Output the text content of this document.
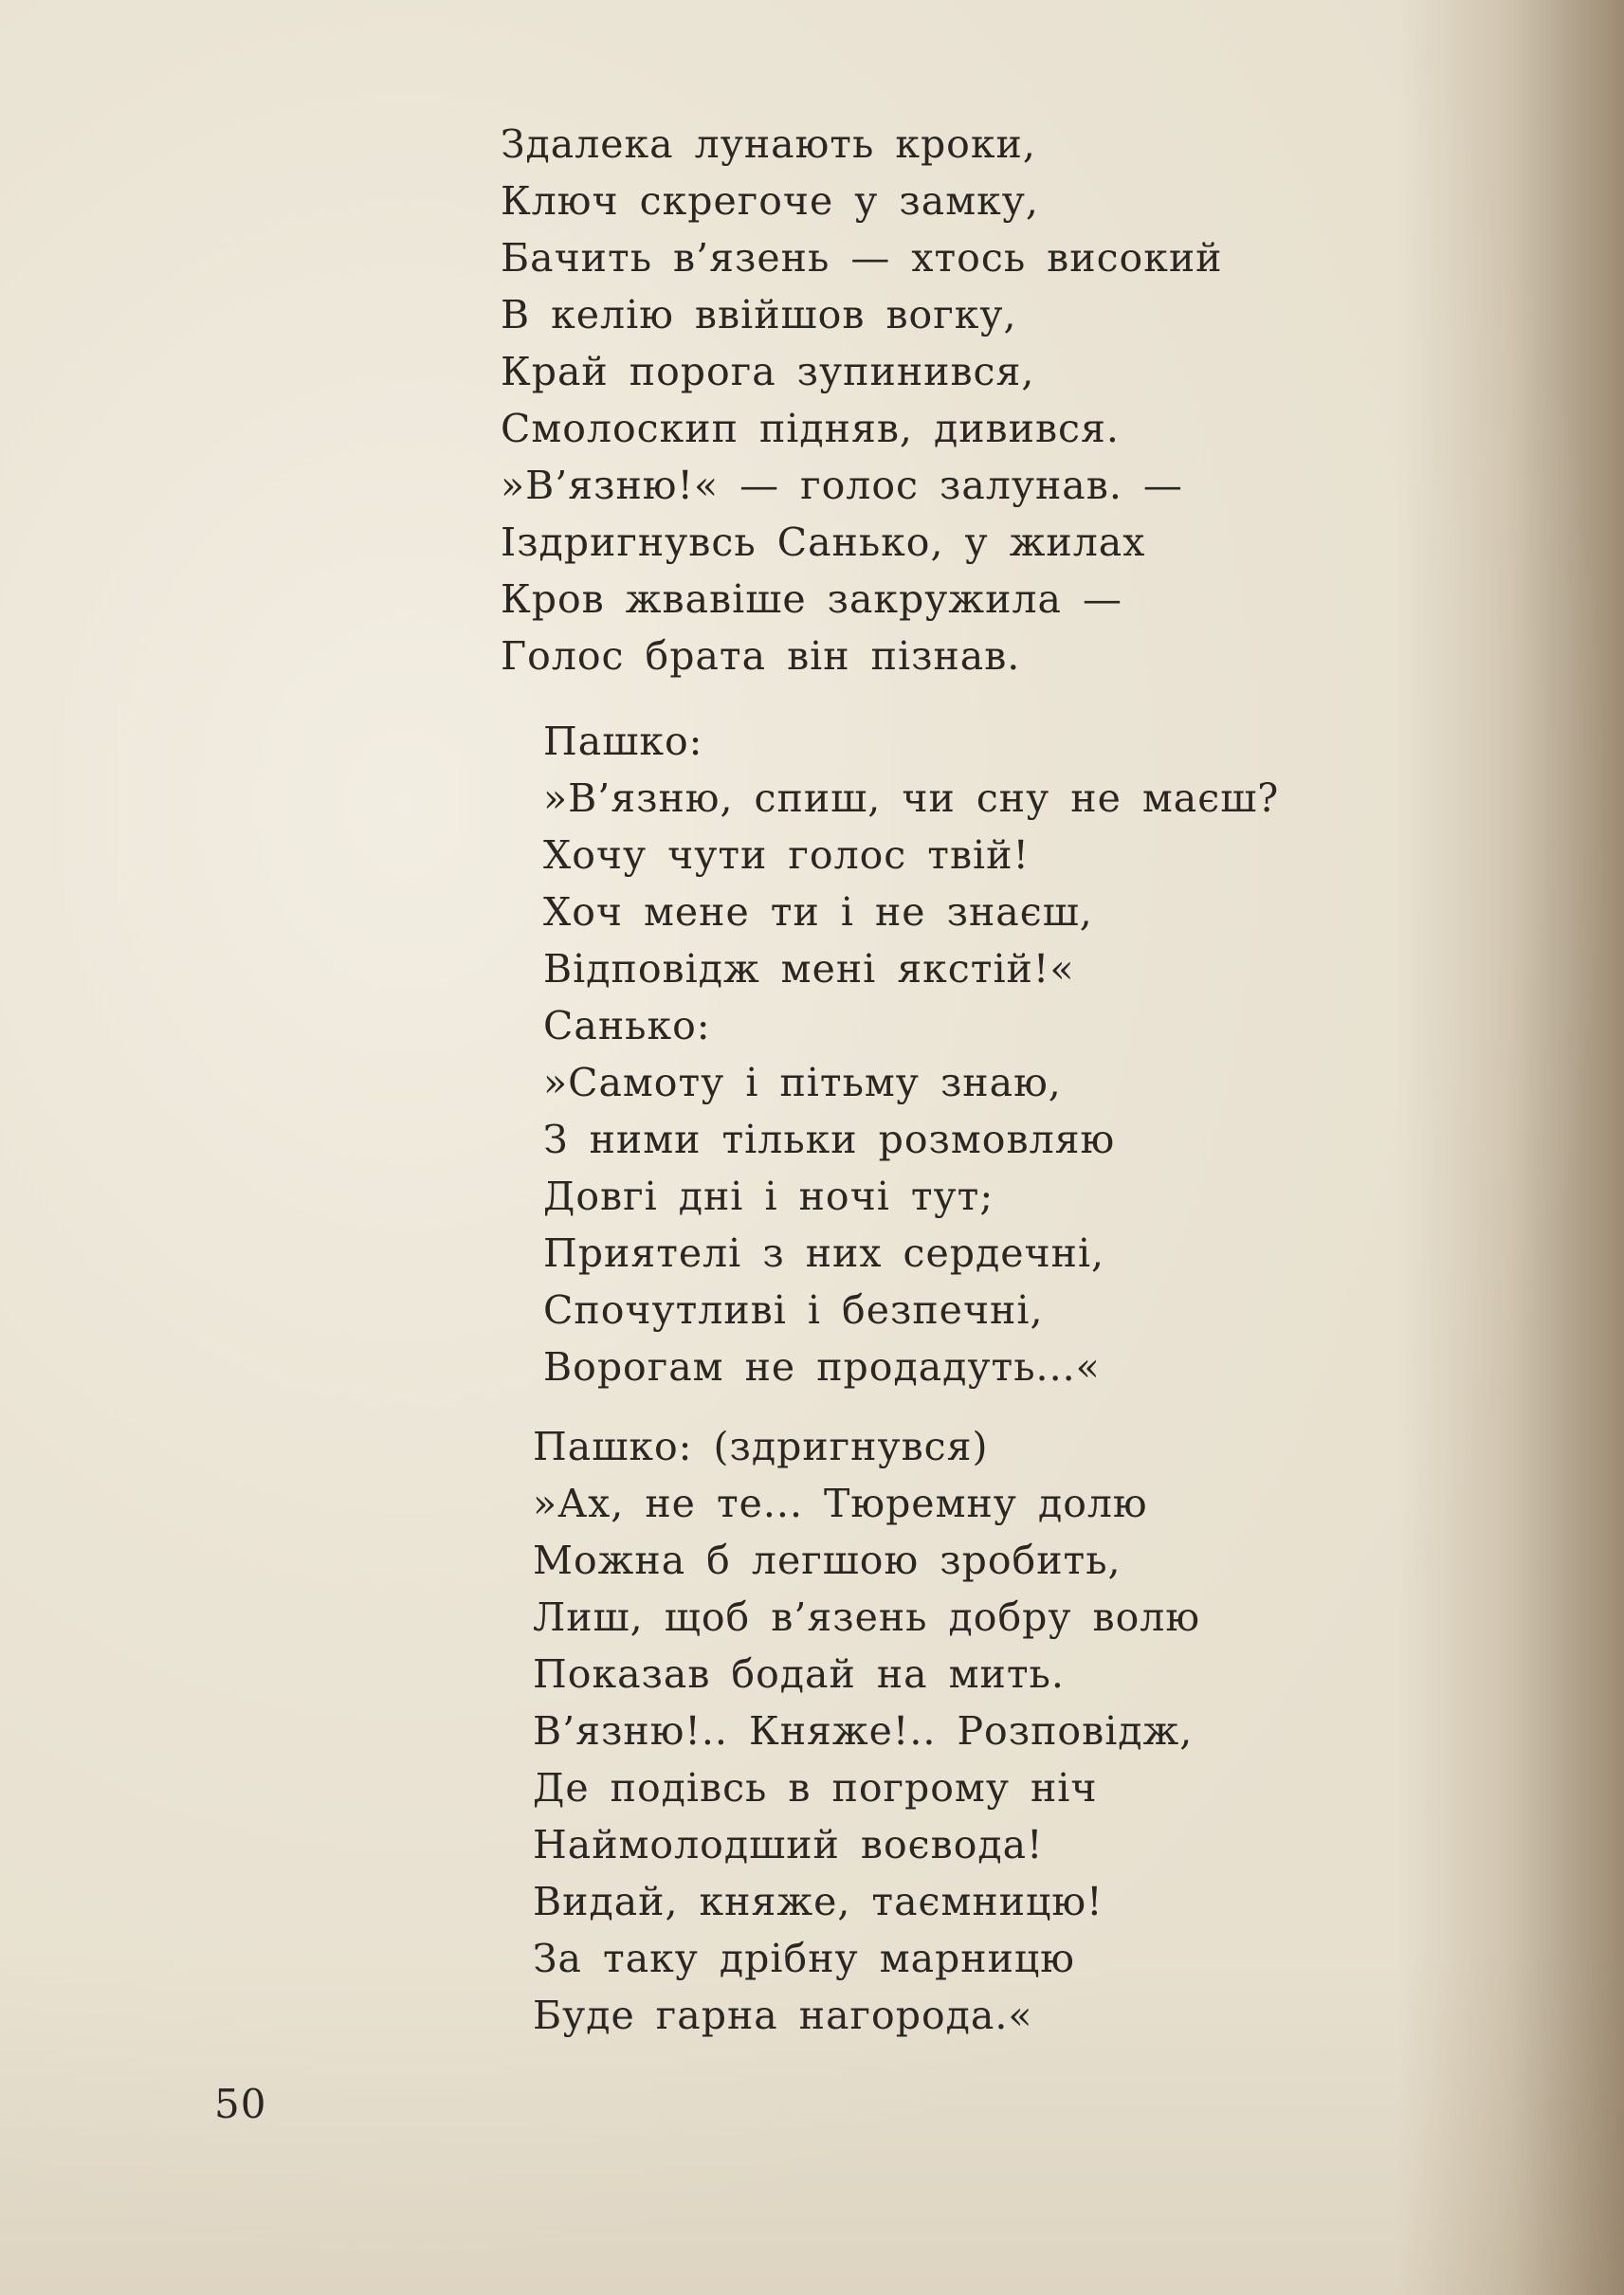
Здалека лунають кроки,
Ключ скрегоче у замку,
Бачить в’язень — хтось високий
В келію ввійшов вогку,
Край порога зупинився,
Смолоскип підняв, дивився.
»В’язню!« — голос залунав. —
Іздригнувсь Санько, у жилах
Кров жвавіше закружила —
Голос брата він пізнав.
Пашко:
»В’язню, спиш, чи сну не маєш?
Хочу чути голос твій!
Хоч мене ти і не знаєш,
Відповідж мені якстій!«
Санько:
»Самоту і пітьму знаю,
З ними тільки розмовляю
Довгі дні і ночі тут;
Приятелі з них сердечні,
Спочутливі і безпечні,
Ворогам не продадуть...«
Пашко: (здригнувся)
»Ах, не те... Тюремну долю
Можна б легшою зробить,
Лиш, щоб в’язень добру волю
Показав бодай на мить.
В’язню!.. Княже!.. Розповідж,
Де подівсь в погрому ніч
Наймолодший воєвода!
Видай, княже, таємницю!
За таку дрібну марницю
Буде гарна нагорода.«
50
